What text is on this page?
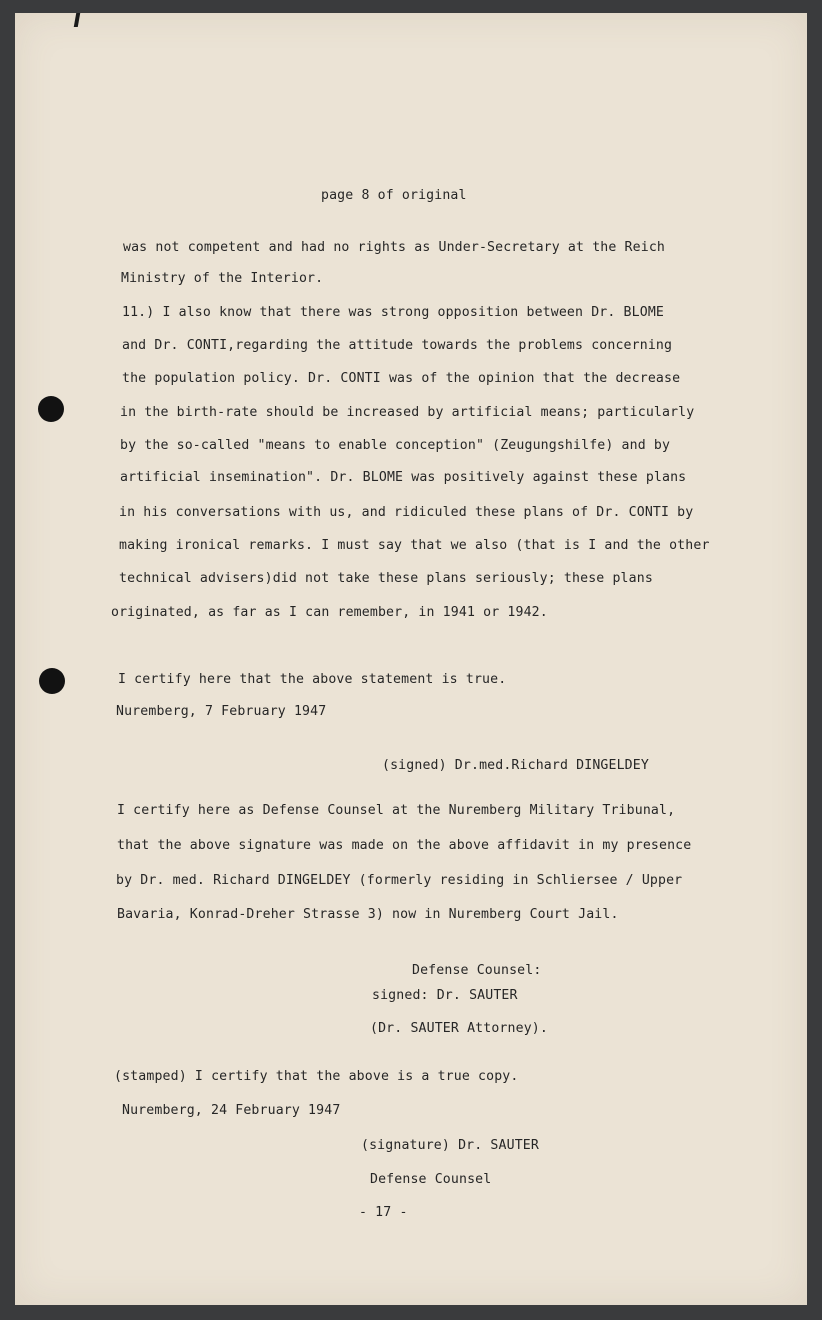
page 8 of original

was not competent and had no rights as Under-Secretary at the Reich

Ministry of the Interior.

11.) I also know that there was strong opposition between Dr. BLOME

and Dr. CONTI,regarding the attitude towards the problems concerning

the population policy. Dr. CONTI was of the opinion that the decrease

in the birth-rate should be increased by artificial means; particularly

by the so-called "means to enable conception" (Zeugungshilfe) and by

artificial insemination". Dr. BLOME was positively against these plans

in his conversations with us, and ridiculed these plans of Dr. CONTI by

making ironical remarks. I must say that we also (that is I and the other

technical advisers)did not take these plans seriously; these plans

originated, as far as I can remember, in 1941 or 1942.

I certify here that the above statement is true.

Nuremberg, 7 February 1947

(signed) Dr.med.Richard DINGELDEY

I certify here as Defense Counsel at the Nuremberg Military Tribunal,

that the above signature was made on the above affidavit in my presence

by Dr. med. Richard DINGELDEY (formerly residing in Schliersee / Upper

Bavaria, Konrad-Dreher Strasse 3) now in Nuremberg Court Jail.

Defense Counsel:

signed: Dr. SAUTER

(Dr. SAUTER Attorney).

(stamped) I certify that the above is a true copy.

Nuremberg, 24 February 1947

(signature) Dr. SAUTER

Defense Counsel

- 17 -
